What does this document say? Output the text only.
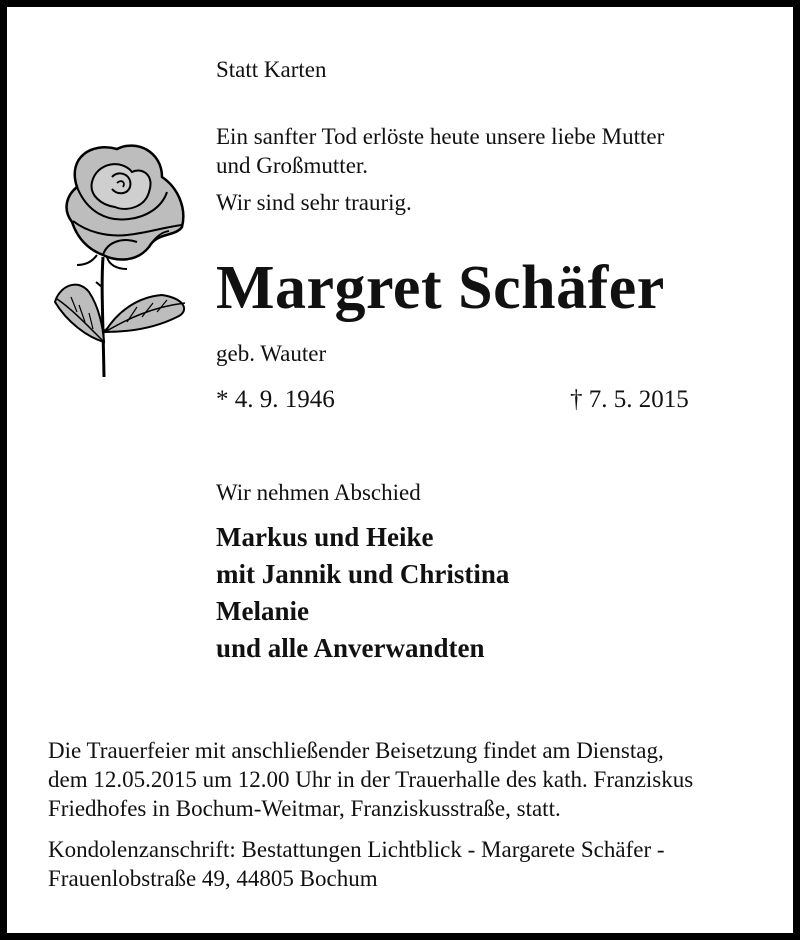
Statt Karten
Ein sanfter Tod erlöste heute unsere liebe Mutter
und Großmutter.
Wir sind sehr traurig.
Margret Schäfer
geb. Wauter
* 4. 9. 1946	† 7. 5. 2015
Wir nehmen Abschied
Markus und Heike
mit Jannik und Christina
Melanie
und alle Anverwandten
Die Trauerfeier mit anschließender Beisetzung findet am Dienstag,
dem 12.05.2015 um 12.00 Uhr in der Trauerhalle des kath. Franziskus
Friedhofes in Bochum-Weitmar, Franziskusstraße, statt.
Kondolenzanschrift: Bestattungen Lichtblick - Margarete Schäfer -
Frauenlobstraße 49, 44805 Bochum
